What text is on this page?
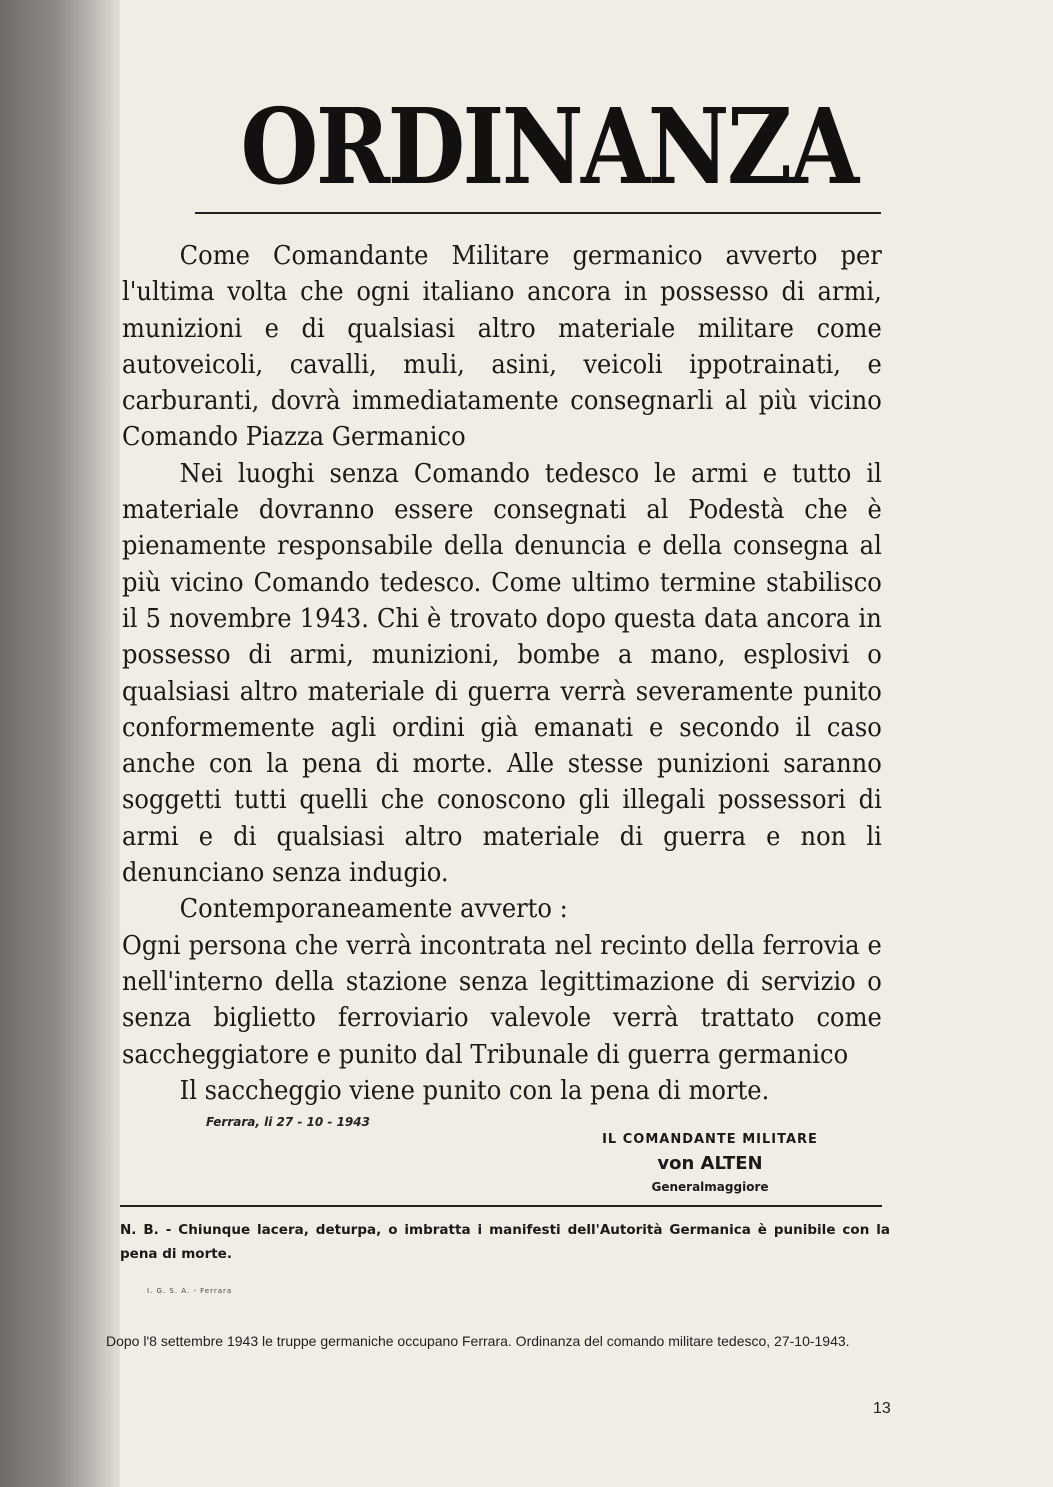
ORDINANZA

Come Comandante Militare germanico avverto per l'ultima volta che ogni italiano ancora in possesso di armi, munizioni e di qualsiasi altro materiale militare come autoveicoli, cavalli, muli, asini, veicoli ippotrainati, e carburanti, dovrà immediatamente consegnarli al più vicino Comando Piazza Germanico

Nei luoghi senza Comando tedesco le armi e tutto il materiale dovranno essere consegnati al Podestà che è pienamente responsabile della denuncia e della consegna al più vicino Comando tedesco. Come ultimo termine stabilisco il 5 novembre 1943. Chi è trovato dopo questa data ancora in possesso di armi, munizioni, bombe a mano, esplosivi o qualsiasi altro materiale di guerra verrà severamente punito conformemente agli ordini già emanati e secondo il caso anche con la pena di morte. Alle stesse punizioni saranno soggetti tutti quelli che conoscono gli illegali possessori di armi e di qualsiasi altro materiale di guerra e non li denunciano senza indugio.

Contemporaneamente avverto :

Ogni persona che verrà incontrata nel recinto della ferrovia e nell'interno della stazione senza legittimazione di servizio o senza biglietto ferroviario valevole verrà trattato come saccheggiatore e punito dal Tribunale di guerra germanico

Il saccheggio viene punito con la pena di morte.

Ferrara, li 27 - 10 - 1943
IL COMANDANTE MILITARE
von ALTEN
Generalmaggiore
N. B. - Chiunque lacera, deturpa, o imbratta i manifesti dell'Autorità Germanica è punibile con la pena di morte.
I. G. S. A. - Ferrara
Dopo l'8 settembre 1943 le truppe germaniche occupano Ferrara. Ordinanza del comando militare tedesco, 27-10-1943.
13
